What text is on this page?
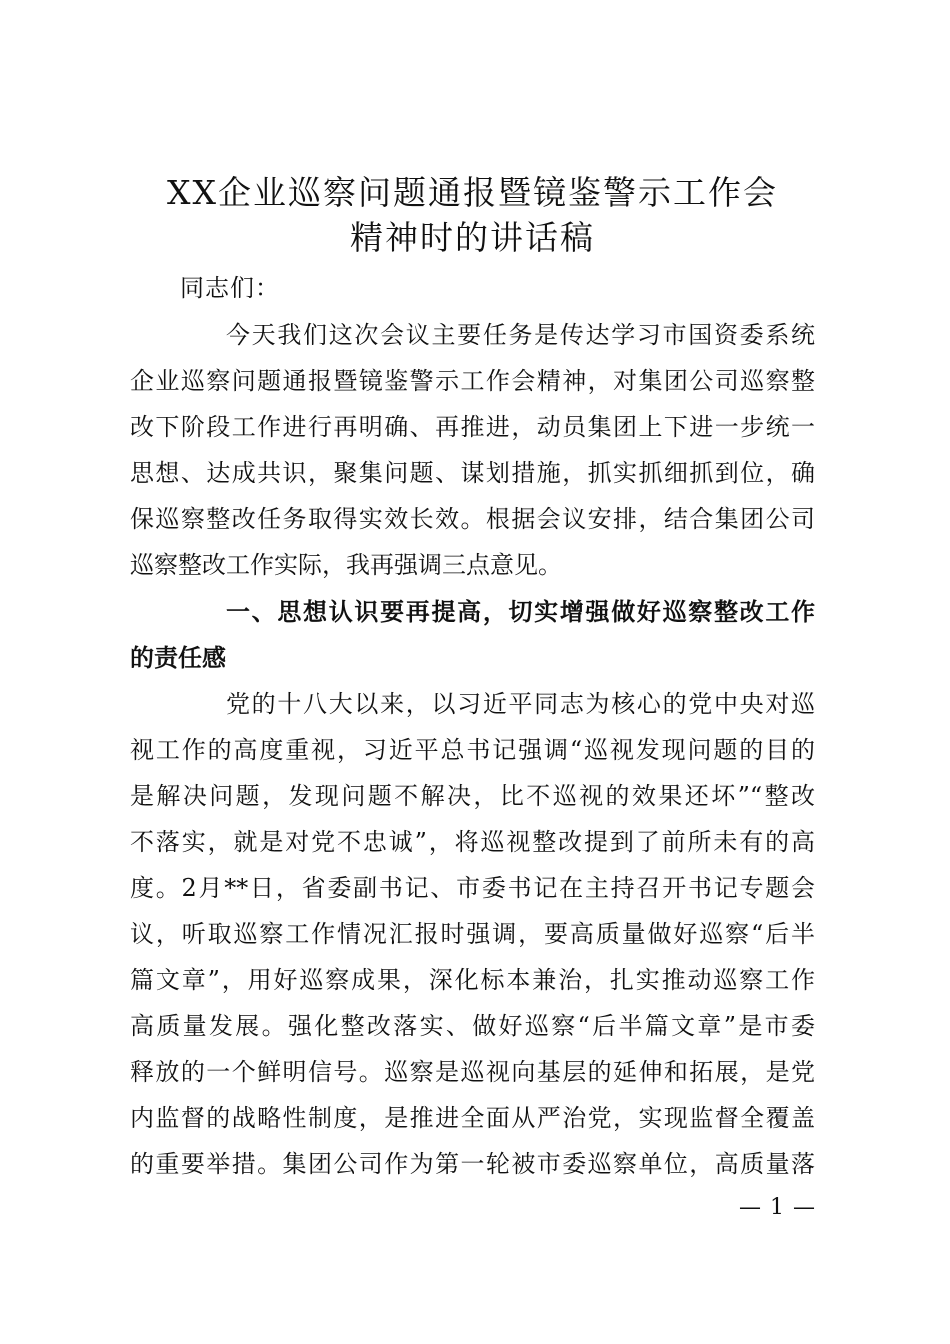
XX企业巡察问题通报暨镜鉴警示工作会
精神时的讲话稿
同志们：
今天我们这次会议主要任务是传达学习市国资委系统
企业巡察问题通报暨镜鉴警示工作会精神，对集团公司巡察整
改下阶段工作进行再明确、再推进，动员集团上下进一步统一
思想、达成共识，聚集问题、谋划措施，抓实抓细抓到位，确
保巡察整改任务取得实效长效。根据会议安排，结合集团公司
巡察整改工作实际，我再强调三点意见。
一、思想认识要再提高，切实增强做好巡察整改工作
的责任感
党的十八大以来，以习近平同志为核心的党中央对巡
视工作的高度重视，习近平总书记强调“巡视发现问题的目的
是解决问题，发现问题不解决，比不巡视的效果还坏”“整改
不落实，就是对党不忠诚”，将巡视整改提到了前所未有的高
度。2月**日，省委副书记、市委书记在主持召开书记专题会
议，听取巡察工作情况汇报时强调，要高质量做好巡察“后半
篇文章”，用好巡察成果，深化标本兼治，扎实推动巡察工作
高质量发展。强化整改落实、做好巡察“后半篇文章”是市委
释放的一个鲜明信号。巡察是巡视向基层的延伸和拓展，是党
内监督的战略性制度，是推进全面从严治党，实现监督全覆盖
的重要举措。集团公司作为第一轮被市委巡察单位，高质量落
— 1 —
